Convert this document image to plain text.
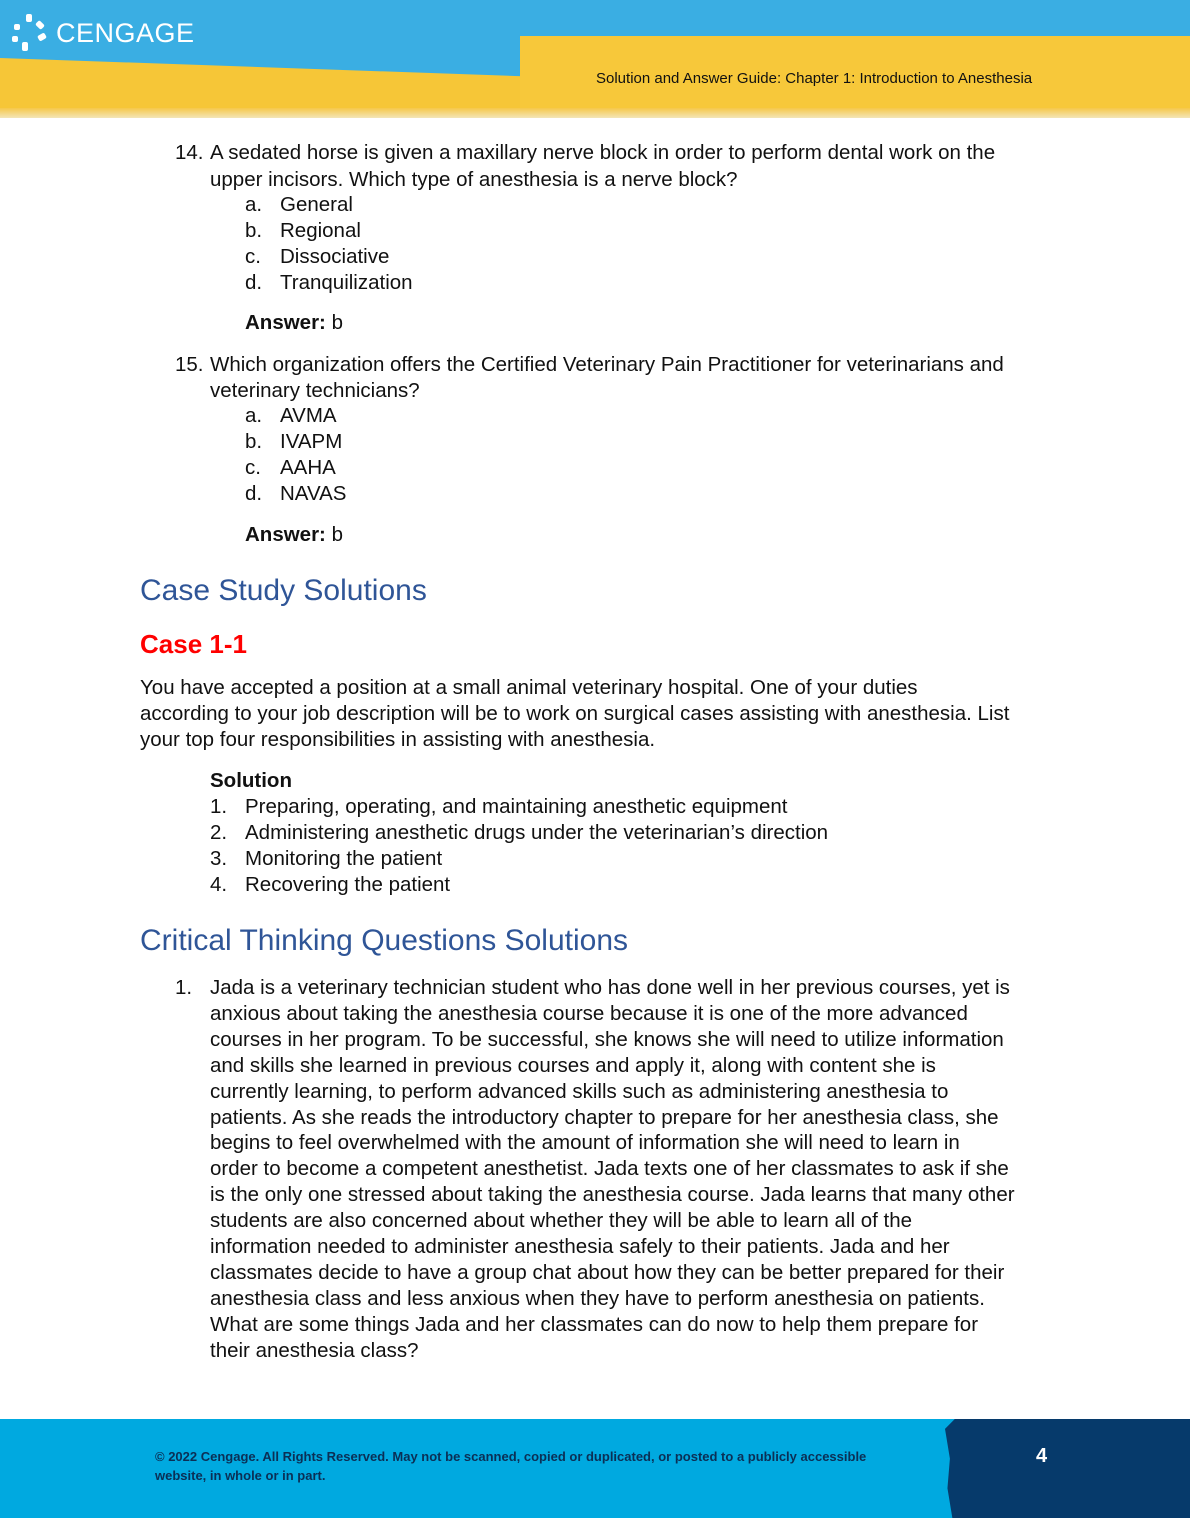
CENGAGE
Solution and Answer Guide: Chapter 1: Introduction to Anesthesia
14. A sedated horse is given a maxillary nerve block in order to perform dental work on the
upper incisors. Which type of anesthesia is a nerve block?
a. General
b. Regional
c. Dissociative
d. Tranquilization
Answer: b
15. Which organization offers the Certified Veterinary Pain Practitioner for veterinarians and
veterinary technicians?
a. AVMA
b. IVAPM
c. AAHA
d. NAVAS
Answer: b
Case Study Solutions
Case 1-1
You have accepted a position at a small animal veterinary hospital. One of your duties
according to your job description will be to work on surgical cases assisting with anesthesia. List
your top four responsibilities in assisting with anesthesia.
Solution
1. Preparing, operating, and maintaining anesthetic equipment
2. Administering anesthetic drugs under the veterinarian’s direction
3. Monitoring the patient
4. Recovering the patient
Critical Thinking Questions Solutions
1. Jada is a veterinary technician student who has done well in her previous courses, yet is
anxious about taking the anesthesia course because it is one of the more advanced
courses in her program. To be successful, she knows she will need to utilize information
and skills she learned in previous courses and apply it, along with content she is
currently learning, to perform advanced skills such as administering anesthesia to
patients. As she reads the introductory chapter to prepare for her anesthesia class, she
begins to feel overwhelmed with the amount of information she will need to learn in
order to become a competent anesthetist. Jada texts one of her classmates to ask if she
is the only one stressed about taking the anesthesia course. Jada learns that many other
students are also concerned about whether they will be able to learn all of the
information needed to administer anesthesia safely to their patients. Jada and her
classmates decide to have a group chat about how they can be better prepared for their
anesthesia class and less anxious when they have to perform anesthesia on patients.
What are some things Jada and her classmates can do now to help them prepare for
their anesthesia class?
© 2022 Cengage. All Rights Reserved. May not be scanned, copied or duplicated, or posted to a publicly accessible website, in whole or in part.
4
